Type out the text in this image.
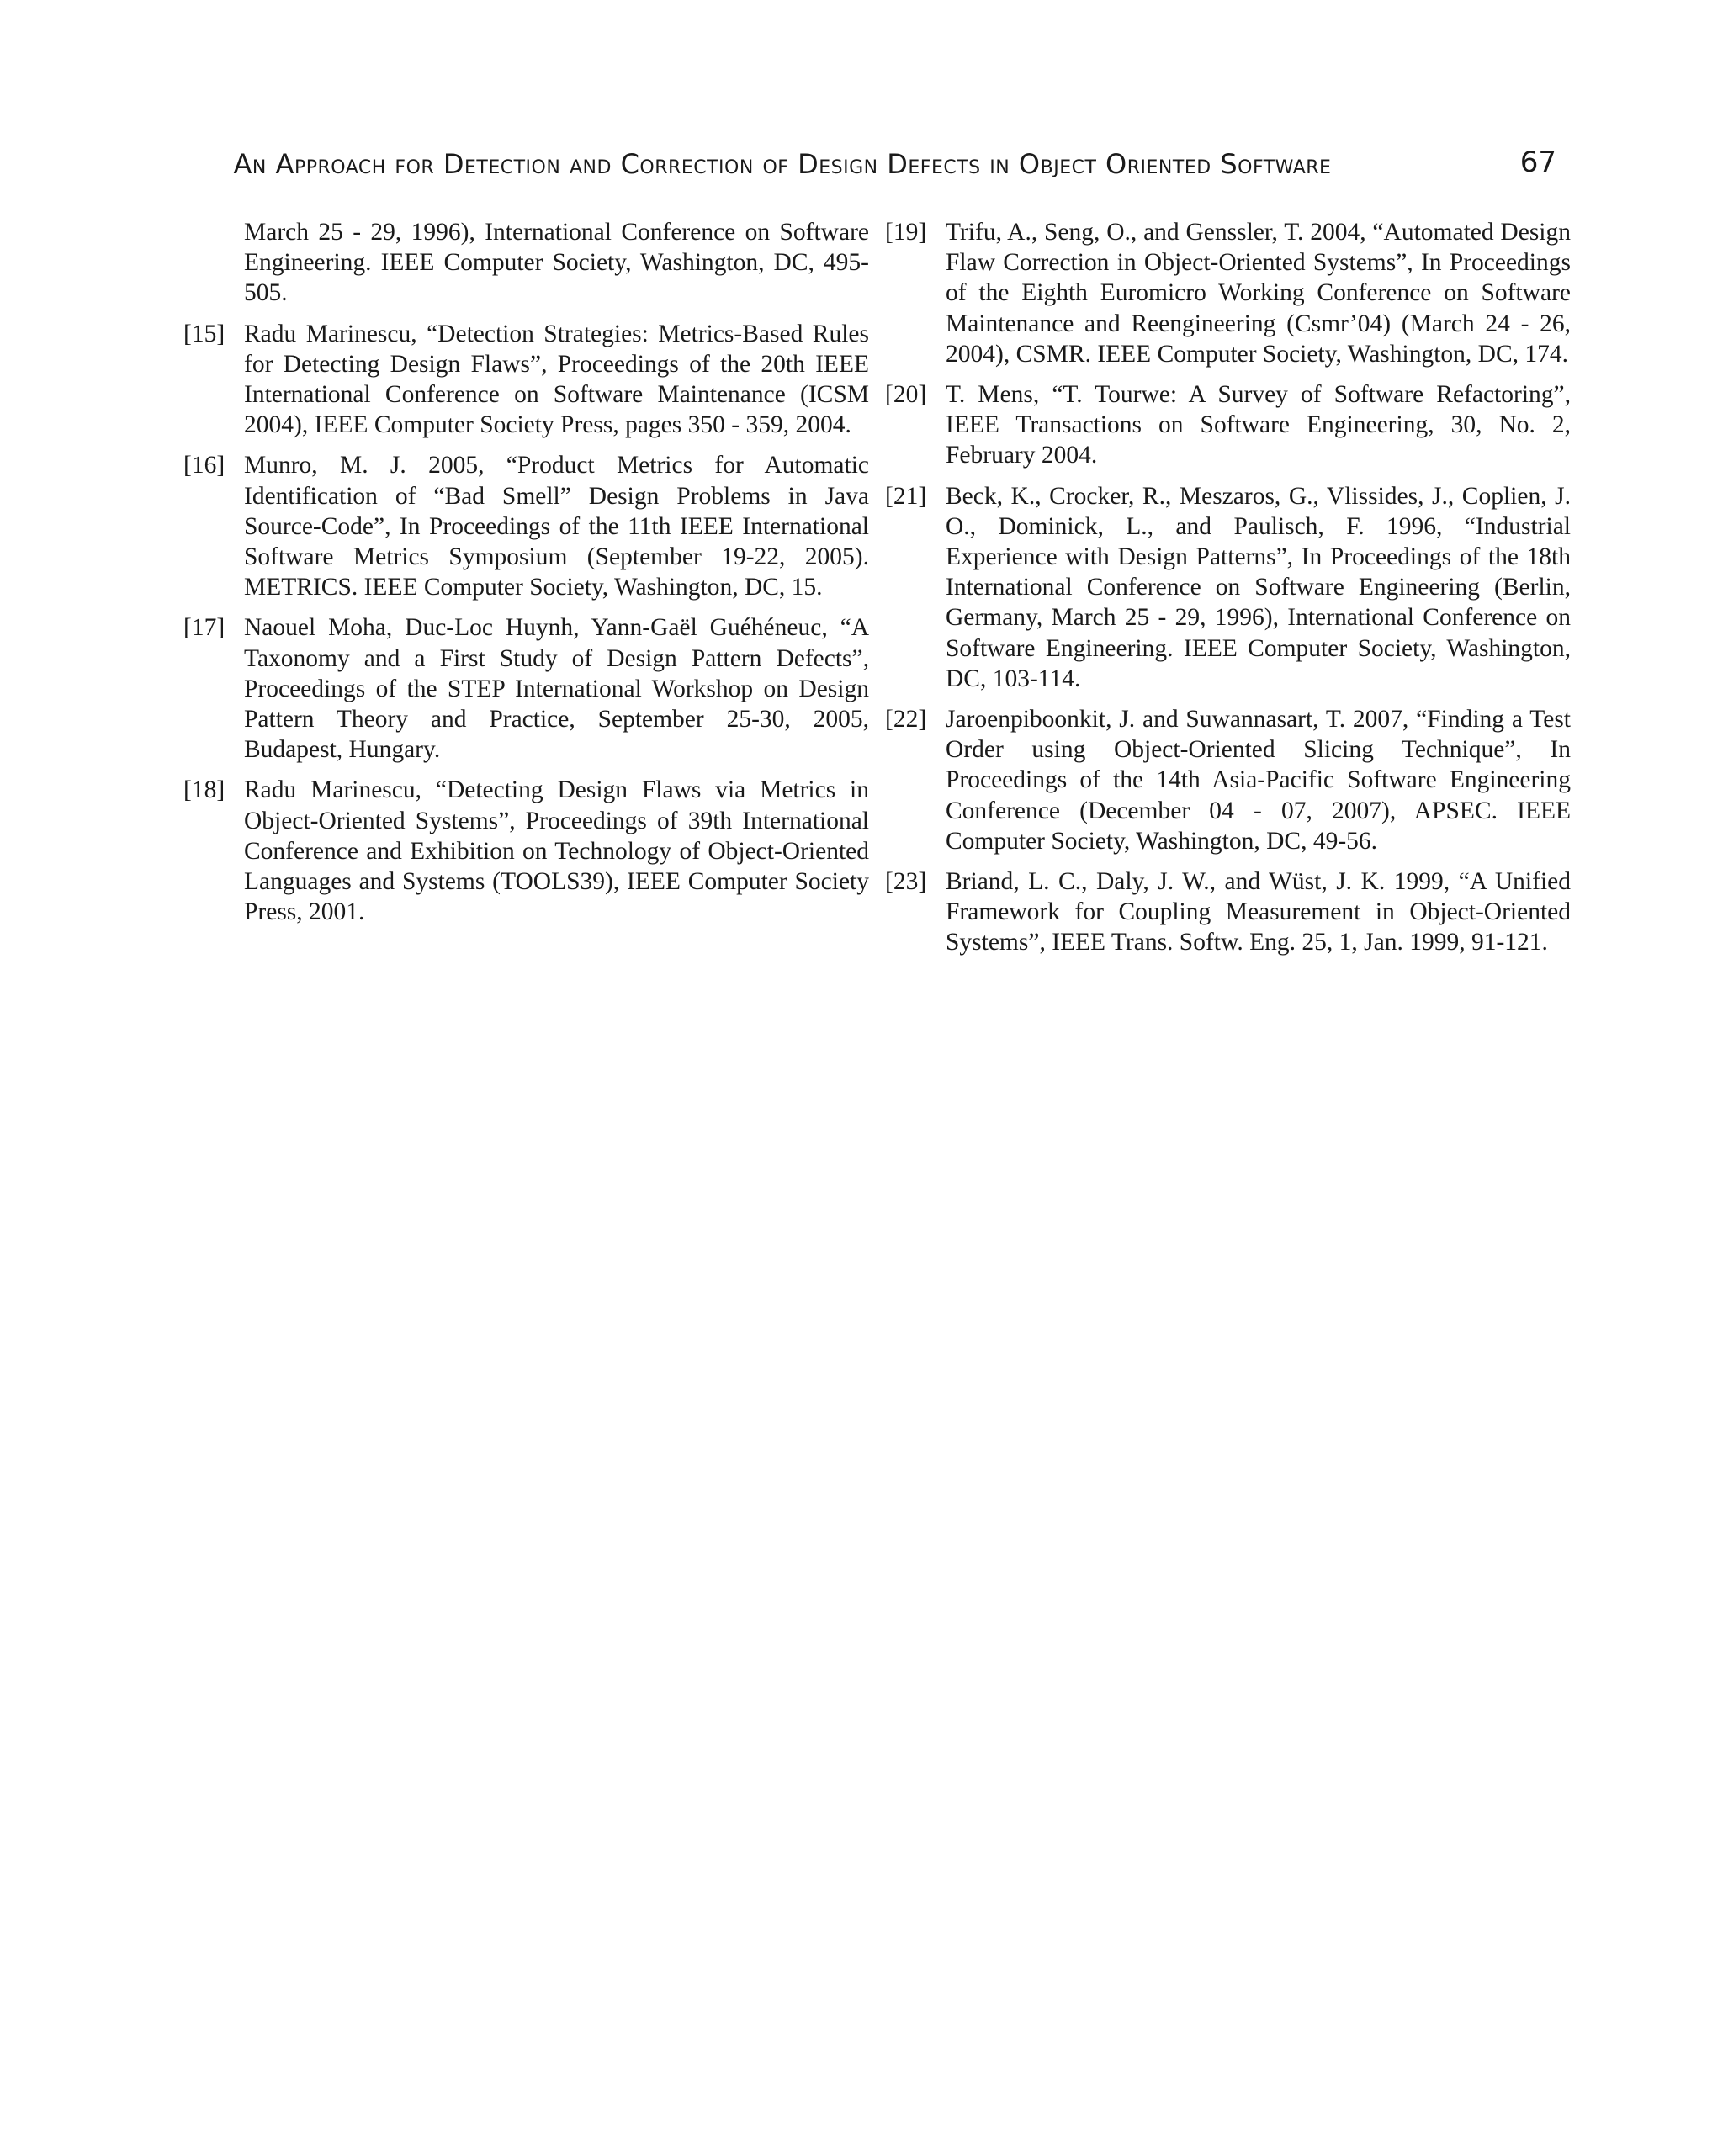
An Approach for Detection and Correction of Design Defects in Object Oriented Software	67
March 25 - 29, 1996), International Conference on Software Engineering. IEEE Computer Society, Washington, DC, 495-505.
[15] Radu Marinescu, “Detection Strategies: Metrics-Based Rules for Detecting Design Flaws”, Proceedings of the 20th IEEE International Conference on Software Maintenance (ICSM 2004), IEEE Computer Society Press, pages 350 - 359, 2004.
[16] Munro, M. J. 2005, “Product Metrics for Automatic Identification of “Bad Smell” Design Problems in Java Source-Code”, In Proceedings of the 11th IEEE International Software Metrics Symposium (September 19-22, 2005). METRICS. IEEE Computer Society, Washington, DC, 15.
[17] Naouel Moha, Duc-Loc Huynh, Yann-Gaël Guéhéneuc, “A Taxonomy and a First Study of Design Pattern Defects”, Proceedings of the STEP International Workshop on Design Pattern Theory and Practice, September 25-30, 2005, Budapest, Hungary.
[18] Radu Marinescu, “Detecting Design Flaws via Metrics in Object-Oriented Systems”, Proceedings of 39th International Conference and Exhibition on Technology of Object-Oriented Languages and Systems (TOOLS39), IEEE Computer Society Press, 2001.
[19] Trifu, A., Seng, O., and Genssler, T. 2004, “Automated Design Flaw Correction in Object-Oriented Systems”, In Proceedings of the Eighth Euromicro Working Conference on Software Maintenance and Reengineering (Csmr’04) (March 24 - 26, 2004), CSMR. IEEE Computer Society, Washington, DC, 174.
[20] T. Mens, “T. Tourwe: A Survey of Software Refactoring”, IEEE Transactions on Software Engineering, 30, No. 2, February 2004.
[21] Beck, K., Crocker, R., Meszaros, G., Vlissides, J., Coplien, J. O., Dominick, L., and Paulisch, F. 1996, “Industrial Experience with Design Patterns”, In Proceedings of the 18th International Conference on Software Engineering (Berlin, Germany, March 25 - 29, 1996), International Conference on Software Engineering. IEEE Computer Society, Washington, DC, 103-114.
[22] Jaroenpiboonkit, J. and Suwannasart, T. 2007, “Finding a Test Order using Object-Oriented Slicing Technique”, In Proceedings of the 14th Asia-Pacific Software Engineering Conference (December 04 - 07, 2007), APSEC. IEEE Computer Society, Washington, DC, 49-56.
[23] Briand, L. C., Daly, J. W., and Wüst, J. K. 1999, “A Unified Framework for Coupling Measurement in Object-Oriented Systems”, IEEE Trans. Softw. Eng. 25, 1, Jan. 1999, 91-121.
